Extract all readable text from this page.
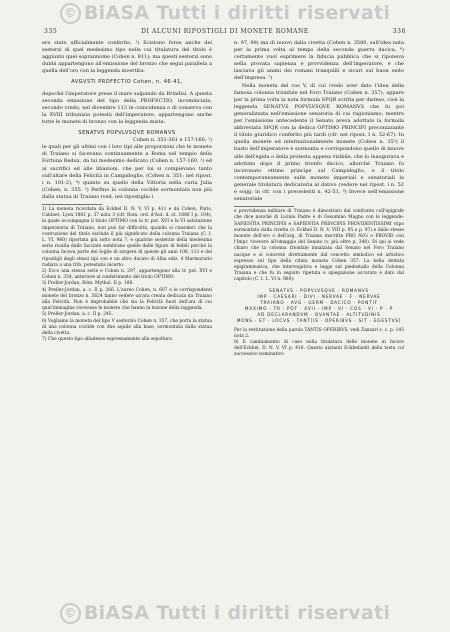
© BiASA Tutti i diritti riservati
335	DI ALCUNI RIPOSTIGLI DI MONETE ROMANE	336

era stato ufficialmente conferito. ¹) Ecistono forse anche dei sesterzi di quel medesimo tipo nella cui titulatura del titolo è aggiunto quel soprannome (Cohen n. 811); ma questi sesterzi sono dubbi appartengono all'emissione del bronzo che segui parallela a quella dell'oro con la leggenda invertita:

AVGVSTI PROFECTIO Cohen, n. 46-41,

dopoché l'imperatore prese il mare salpando da Brindisi. A questa seconda emissione del tipo della PROFECTIO, incominciata, secondo credo, nel dicembre 113 in coincidenza o di conserva con la XVIII tribunizia potestà dell'imperatore, appartengono anche tutte le monete di bronzo con la leggenda mista:

SENATVS POPVLVSQVE ROMANVS

Cohen n. 351-361 e 157-160, ²)

le quali per gli ultimi con i loro tipi alle proporzioni che le monete di Traiano si facevano continuamente a Roma nel tempio della Fortuna Redux, da lui medesimo dedicato (Cohen n. 157-160, ³) ed ai sacrifici ed alle libazioni, che per lui si compievano tanto sull'altare della Felicità in Campidoglio, (Cohen n. 351; nel ripost. i n. 101-2), ⁴) quanto su quello della Vittoria nella curia Julia (Cohen, n. 355. ⁵) Perfino la colonna coclide sormontata non più dalla statua di Traiano (ved. nel ripostiglio i

1) La moneta ricordata da Eckhel D. N. V. VI p. 411 e da Cohen, Paris, Cabinet, Lyon 1881 p. 37 nota 3 (cfr. Rom. ord. d'Aut. d. st. 1886 I p. 104), la quale accompagna il titolo OPTIMO con la tr. pot. XVI e la VI salutazione imperatoria di Traiano, non può far difficoltà, quando si consideri che la costruzione del titolo esclude il più significato della colonna Traiana (C. I. L. VI, 960) riportata più sotto nota 7, e qualche sesterzio della medesima serie risulta dalle facciate sembrano quelle delle figure di fedeli perché la colonna faceva parte dei foglie di sorgere di queste gli anni 108, 113 e dei ripostigli degli stessi tipi con e un altro ducato di Alba ediz. 4 Marmorario radiata a una trib. potestatis incerto.
2) Ecco una stessa serie e Cohen n. 297, appartengono alla tr. pot. XVI e Cohen n. 354, anteriore al conferimento del titolo OPTIMO.
3) Preller-Jordan, Röm. Mythol. II p. 188.
4) Preller-Jordan, a. c. II p. 266. L'aureo Cohen, n. 607 e le corrispondenti monete del bronzo n. 5624 fanno vedere un'ara creata dedicata da Traiano alla Felicità. Non è improbabile che sia la Felicità fuori dell'ara di cui qual'immagine ricevesse le monete che hanno la lezione della leggenda.
5) Preller-Jordan, a. c. II p. 245.
6) Vogliamo la moneta del tipo V sesterzio Cohen n. 357, che porta la statua di una colonna coclide con due aquile alla base, sormontata dalla statua della civetta.
7) Che questo tipo alludesse espressamente alla sepoltura

n. 97, 98) ma di nuovo dalla civetta (Cohen n. 3580, sull'idea nata per la prima volta al tempo della seconda guerra dacica, ⁶) certamente vuol esprimere la fiducia pubblica che si riponeva nella provata sapienza e provvidenza dell'imperatore, e che lasciava gli animi dei romani tranquilli e sicuri sul buon esito dell'impresa. ⁷)

Nella moneta del cos V, dì cui credo aver dato l'idea della famosa colonna trionfale nel Foro Traiano (Cohen n. 357), appare per la prima volta la nota formula SPQR scritta per disteso, cioè la leggenda SENATVS POPVLVSQVE ROMANVS che fu poi generalizzata nell'emissione senatoria di cui ragioniamo; mentre per l'emissione antecedente il Senato aveva adottato la formula abbreviata SPQR con la dedica OPTIMO PRINCIPI preconizzante il titolo giuridico conferito più tardi (cfr. nel ripost. I n. 52-67). In quella monete ed internazionalmente monete (Cohen n. 35³) il busto dell'imperatore è sormonta e corrispondono quello di muove alle dell'egida o della protesta appena visibile, che lo inaugurava e adottato dopo il primo trionfo dacico, allorché Traiano fu incoronato ottimo principe sul Campidoglio, e il titolo contemporaneamente sulle monete imperiali e senatoriali la generale titolatura dedicatoria al dativo (vedere nel ripost. i n. 52 e sogg. in cfr. con i precedenti n. 42-51. ⁸) Invece nell'emissione senatoriale

e provvidenza militare di Traiano è dimostrato dal confronto coll'epigrafe che dice nonché di Licinio Padre e di Ossumino Magno con le leggende: SAPIENTIA PRINCIPIS e SAPIENTIA PRINCIPIS PROVIDENTISSIMI (tipo sormontato dalla civetta (v. Eckhel D. N. V. VIII p. 95 e p. 97) e dalle stesse monete dell'oro o dell'arg. di Traiano inscritte PRO AVG o PROVID con l'Impr. ricevere all'omaggio del Senato (v. più oltre p. 348). Di qui si vede chiaro che la colonna trionfale innalzata dal Senato nel Foro Traiano nacque e si concretò direttamente dal concetto simbolico ed artistico espresso sul tipo della citata moneta Cohen 357. La bella dettata epigrammatica, che interrogativa e legge sul piedestallo della Colonna Traiana e che fu in seguito ripetuta e spiegazione accurata è dato dal capitolo (C. I. L. VI n. 960):

SENATVS · POPVLVSQVE · ROMANVS
IMP · CAESARI · DIVI · NERVAE · F · NERVAE
TRAIANO · AVG · GERM · DACICO · PONTIF
MAXIMO · TR · POT · XVII · IMP · VI · COS · VI · P · P
AD DECLARANDVM · QVANTAE · ALTITVDINIS
MONS · ET · LOCVS · TANT[IS · OPERIBVS · SIT · EGESTVS]

Per la restituzione della parola TANTIS OPERIBVS, vedi Zanzari s. c. p. 145 nota 2.
8) Il cambiamento di caso nella titulatura delle monete in favore dell'Eckhel, D. N. V. VI p. 416. Questo aiutanti Eckhelianti della testa col successivo nominativo

© BiASA Tutti i diritti riservati
